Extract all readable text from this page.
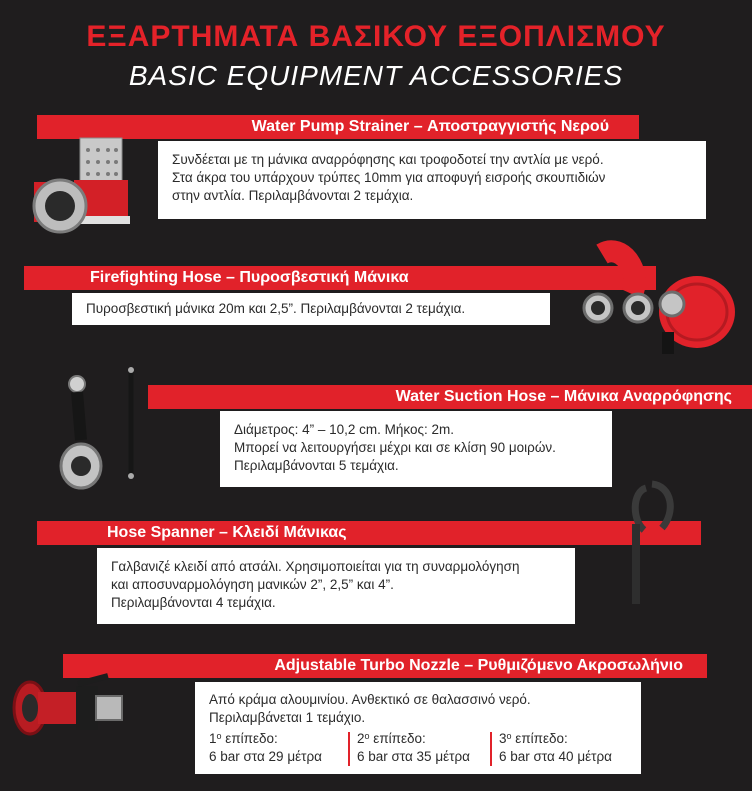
ΕΞΑΡΤΗΜΑΤΑ ΒΑΣΙΚΟΥ ΕΞΟΠΛΙΣΜΟΥ
BASIC EQUIPMENT ACCESSORIES
Water Pump Strainer – Αποστραγγιστής Νερού

Συνδέεται με τη μάνικα αναρρόφησης και τροφοδοτεί την αντλία με νερό.

Στα άκρα του υπάρχουν τρύπες 10mm για αποφυγή εισροής σκουπιδιών

στην αντλία. Περιλαμβάνονται 2 τεμάχια.

Firefighting Hose – Πυροσβεστική Μάνικα

Πυροσβεστική μάνικα 20m και 2,5”. Περιλαμβάνονται 2 τεμάχια.

Water Suction Hose – Μάνικα Αναρρόφησης

Διάμετρος: 4” – 10,2 cm. Μήκος: 2m.

Μπορεί να λειτουργήσει μέχρι και σε κλίση 90 μοιρών.

Περιλαμβάνονται 5 τεμάχια.

Hose Spanner – Κλειδί Μάνικας

Γαλβανιζέ κλειδί από ατσάλι. Χρησιμοποιείται για τη συναρμολόγηση

και αποσυναρμολόγηση μανικών 2”, 2,5” και 4”.

Περιλαμβάνονται 4 τεμάχια.

Adjustable Turbo Nozzle – Ρυθμιζόμενο Ακροσωλήνιο

Από κράμα αλουμινίου. Ανθεκτικό σε θαλασσινό νερό.

Περιλαμβάνεται 1 τεμάχιο.

$1^o$ επίπεδο:
6 bar στα 29 μέτρα
$2^o$ επίπεδο:
6 bar στα 35 μέτρα
$3^o$ επίπεδο:
6 bar στα 40 μέτρα
